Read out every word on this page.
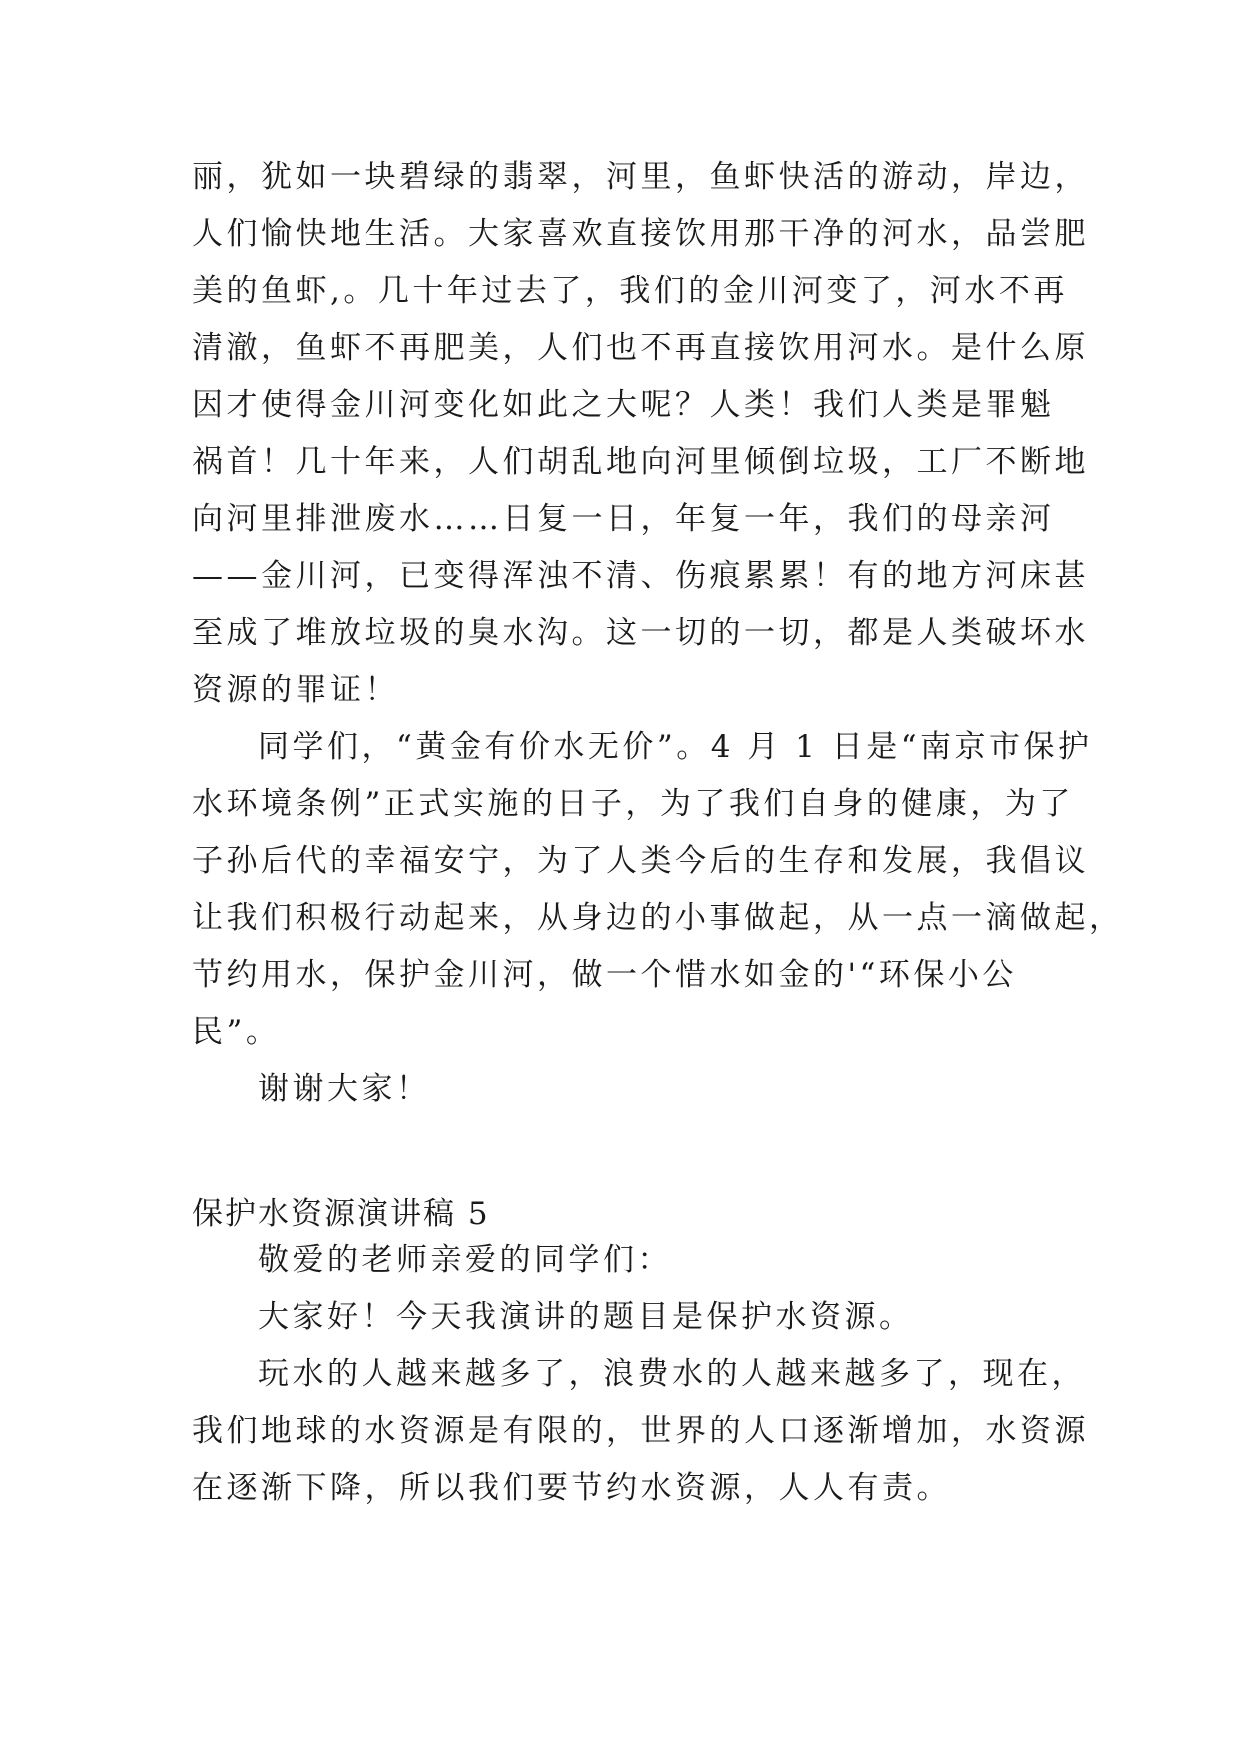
丽，犹如一块碧绿的翡翠，河里，鱼虾快活的游动，岸边，
人们愉快地生活。大家喜欢直接饮用那干净的河水，品尝肥
美的鱼虾,。几十年过去了，我们的金川河变了，河水不再
清澈，鱼虾不再肥美，人们也不再直接饮用河水。是什么原
因才使得金川河变化如此之大呢？人类！我们人类是罪魁
祸首！几十年来，人们胡乱地向河里倾倒垃圾，工厂不断地
向河里排泄废水……日复一日，年复一年，我们的母亲河
——金川河，已变得浑浊不清、伤痕累累！有的地方河床甚
至成了堆放垃圾的臭水沟。这一切的一切，都是人类破坏水
资源的罪证！
同学们，“黄金有价水无价”。4 月 1 日是“南京市保护
水环境条例”正式实施的日子，为了我们自身的健康，为了
子孙后代的幸福安宁，为了人类今后的生存和发展，我倡议
让我们积极行动起来，从身边的小事做起，从一点一滴做起，
节约用水，保护金川河，做一个惜水如金的'“环保小公
民”。
谢谢大家！
保护水资源演讲稿 5
敬爱的老师亲爱的同学们：
大家好！今天我演讲的题目是保护水资源。
玩水的人越来越多了，浪费水的人越来越多了，现在，
我们地球的水资源是有限的，世界的人口逐渐增加，水资源
在逐渐下降，所以我们要节约水资源，人人有责。
